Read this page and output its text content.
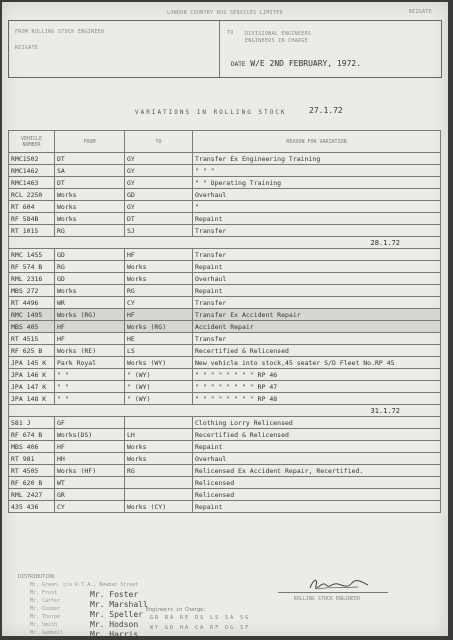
LONDON COUNTRY BUS SERVICES LIMITED	REIGATE
FROM ROLLING STOCK ENGINEER
REIGATE
TO DIVISIONAL ENGINEERS
ENGINEERS IN CHARGE
DATE W/E 2ND FEBRUARY, 1972.
VARIATIONS IN ROLLING STOCK	27.1.72
VEHICLE NUMBER	FROM	TO	REASON FOR VARIATION
RMC1502	DT	GY	Transfer Ex Engineering Training
RMC1462	SA	GY	" " "
RMC1463	DT	GY	" " Operating Training
RCL 2250	Works	GD	Overhaul
RT 604	Works	GY	"
RF 584B	Works	DT	Repaint
RT 1015	RG	SJ	Transfer
28.1.72			
RMC 1455	GD	HF	Transfer
RF 574 B	RG	Works	Repaint
RML 2316	GD	Works	Overhaul
MBS 272	Works	RG	Repaint
RT 4496	WR	CY	Transfer
RMC 1495	Works (RG)	HF	Transfer Ex Accident Repair
MBS 405	HF	Works (RG)	Accident Repair
RT 4515	HF	HE	Transfer
RF 625 B	Works (RE)	LS	Recertified & Relicensed
JPA 145 K	Park Royal	Works (WY)	New vehicle into stock,45 seater S/D Fleet No.RP 45
JPA 146 K	" "	" (WY)	" " " " " " " " RP 46
JPA 147 K	" "	" (WY)	" " " " " " " " RP 47
JPA 148 K	" "	" (WY)	" " " " " " " " RP 48
31.1.72			
581 J	GF		Clothing Lorry Relicensed
RF 674 B	Works(DS)	LH	Recertified & Relicensed
MBS 406	HF	Works	Repaint
RT 981	HH	Works	Overhaul
RT 4505	Works (HF)	RG	Relicensed Ex Accident Repair, Recertified.
RF 620 B	WT		Relicensed
RML 2427	GR		Relicensed
435 436	CY	Works (CY)	Repaint
DISTRIBUTION
ROLLING STOCK ENGINEER
Mr. Green, c/o R.T.A., Newman Street
Mr. Frost
Mr. Carter
Mr. Cooper
Mr. Thorpe
Mr. Smith
Mr. Gambell
Mr. Foster
Mr. Marshall
Mr. Speller
Mr. Hodson
Mr. Harris
Engineers in Charge:
GR RA RE DS LS SA SG
WY GD HA CA RF DG SF
